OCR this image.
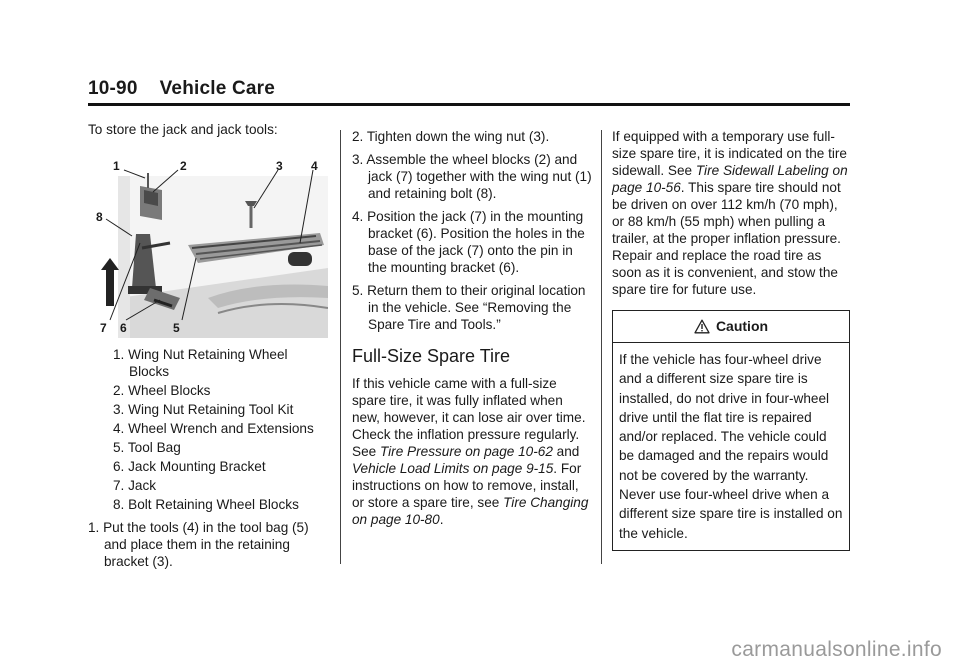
10-90 Vehicle Care

To store the jack and jack tools:

1	2	3 4
8
7 6	5
1. Wing Nut Retaining Wheel Blocks
2. Wheel Blocks
3. Wing Nut Retaining Tool Kit
4. Wheel Wrench and Extensions
5. Tool Bag
6. Jack Mounting Bracket
7. Jack
8. Bolt Retaining Wheel Blocks
1. Put the tools (4) in the tool bag (5) and place them in the retaining bracket (3).
2. Tighten down the wing nut (3).
3. Assemble the wheel blocks (2) and jack (7) together with the wing nut (1) and retaining bolt (8).
4. Position the jack (7) in the mounting bracket (6). Position the holes in the base of the jack (7) onto the pin in the mounting bracket (6).
5. Return them to their original location in the vehicle. See “Removing the Spare Tire and Tools.”
Full-Size Spare Tire

If this vehicle came with a full-size spare tire, it was fully inflated when new, however, it can lose air over time. Check the inflation pressure regularly. See Tire Pressure on page 10-62 and Vehicle Load Limits on page 9-15. For instructions on how to remove, install, or store a spare tire, see Tire Changing on page 10-80.

If equipped with a temporary use full-size spare tire, it is indicated on the tire sidewall. See Tire Sidewall Labeling on page 10-56. This spare tire should not be driven on over 112 km/h (70 mph), or 88 km/h (55 mph) when pulling a trailer, at the proper inflation pressure. Repair and replace the road tire as soon as it is convenient, and stow the spare tire for future use.

Caution
If the vehicle has four-wheel drive and a different size spare tire is installed, do not drive in four-wheel drive until the flat tire is repaired and/or replaced. The vehicle could be damaged and the repairs would not be covered by the warranty. Never use four-wheel drive when a different size spare tire is installed on the vehicle.
carmanualsonline.info
